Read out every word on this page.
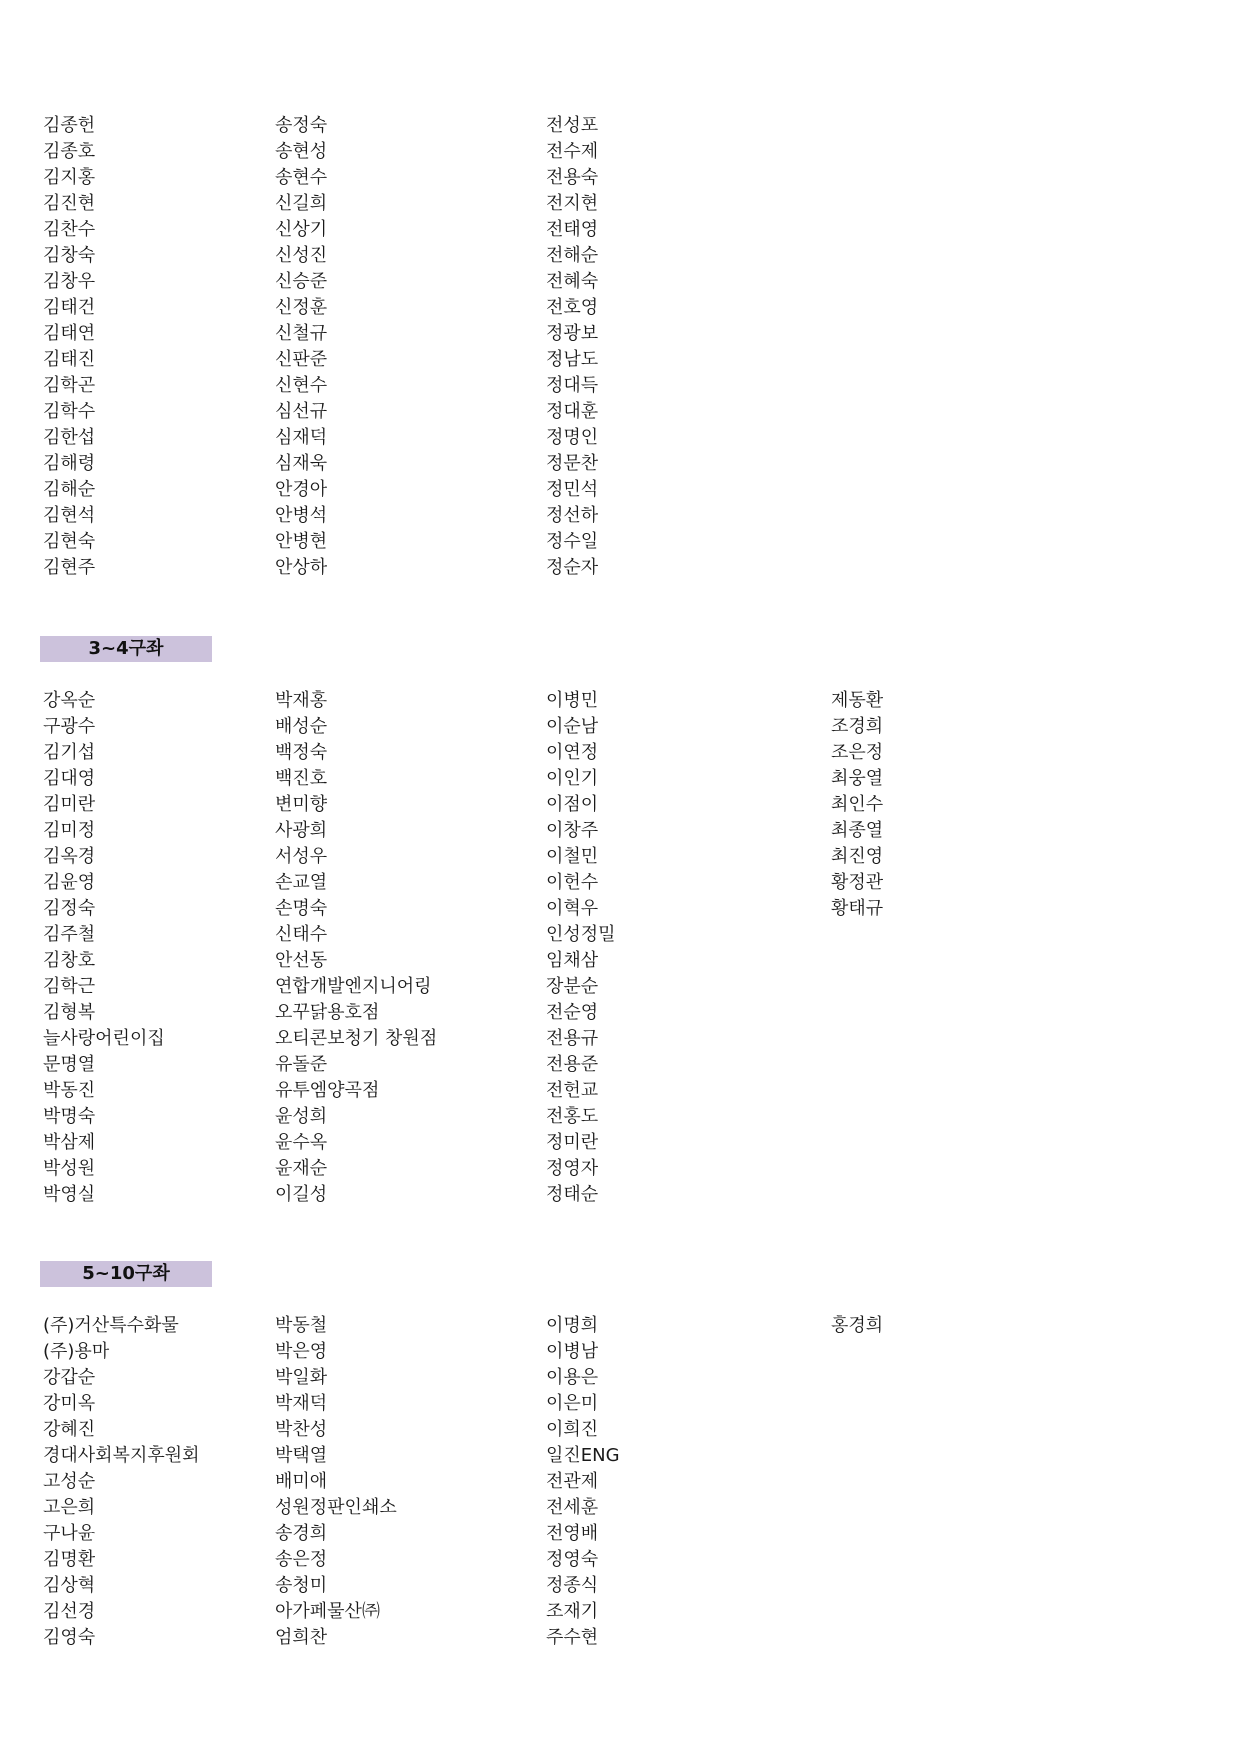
김종헌
김종호
김지홍
김진현
김찬수
김창숙
김창우
김태건
김태연
김태진
김학곤
김학수
김한섭
김해령
김해순
김현석
김현숙
김현주
송정숙
송현성
송현수
신길희
신상기
신성진
신승준
신정훈
신철규
신판준
신현수
심선규
심재덕
심재욱
안경아
안병석
안병현
안상하
전성포
전수제
전용숙
전지현
전태영
전해순
전혜숙
전호영
정광보
정남도
정대득
정대훈
정명인
정문찬
정민석
정선하
정수일
정순자
3~4구좌
강옥순
구광수
김기섭
김대영
김미란
김미정
김옥경
김윤영
김정숙
김주철
김창호
김학근
김형복
늘사랑어린이집
문명열
박동진
박명숙
박삼제
박성원
박영실
박재홍
배성순
백정숙
백진호
변미향
사광희
서성우
손교열
손명숙
신태수
안선동
연합개발엔지니어링
오꾸닭용호점
오티콘보청기 창원점
유돌준
유투엠양곡점
윤성희
윤수옥
윤재순
이길성
이병민
이순남
이연정
이인기
이점이
이창주
이철민
이헌수
이혁우
인성정밀
임채삼
장분순
전순영
전용규
전용준
전헌교
전홍도
정미란
정영자
정태순
제동환
조경희
조은정
최웅열
최인수
최종열
최진영
황정관
황태규
5~10구좌
(주)거산특수화물
(주)용마
강갑순
강미옥
강혜진
경대사회복지후원회
고성순
고은희
구나윤
김명환
김상혁
김선경
김영숙
박동철
박은영
박일화
박재덕
박찬성
박택열
배미애
성원정판인쇄소
송경희
송은정
송청미
아가페물산㈜
엄희찬
이명희
이병남
이용은
이은미
이희진
일진ENG
전관제
전세훈
전영배
정영숙
정종식
조재기
주수현
홍경희
